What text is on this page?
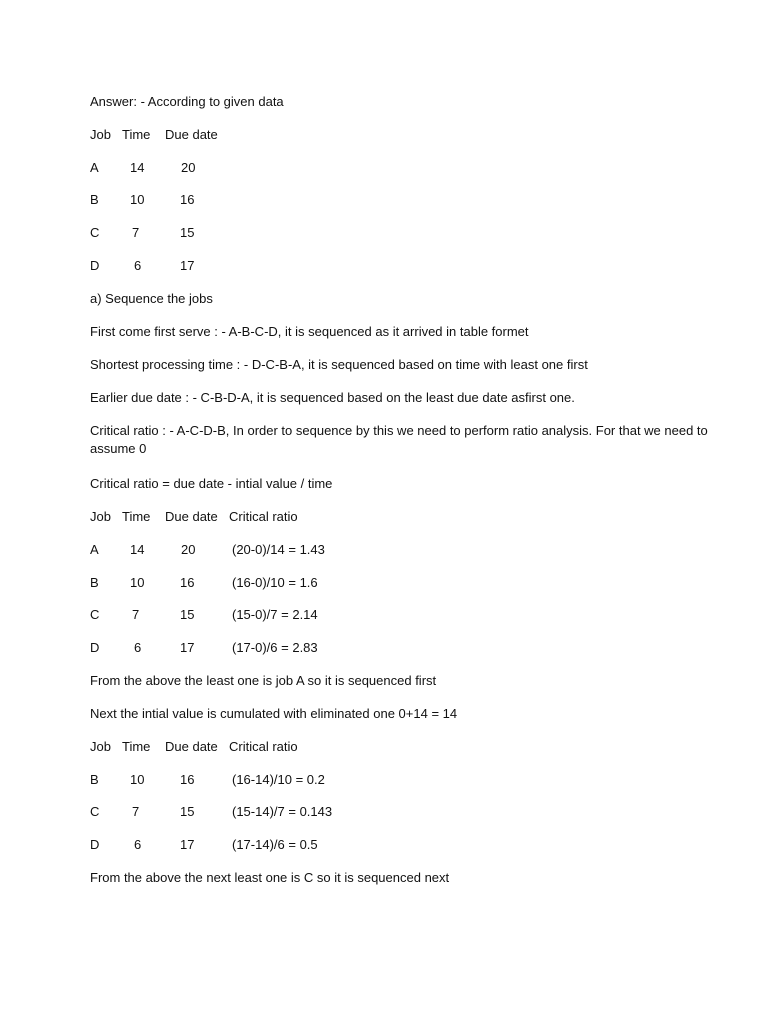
Answer: - According to given data
Job Time Due date
A 14	20
B 10	16
C	7	15
D	6	17
a) Sequence the jobs
First come first serve : - A-B-C-D, it is sequenced as it arrived in table formet
Shortest processing time : - D-C-B-A, it is sequenced based on time with least one first
Earlier due date : - C-B-D-A, it is sequenced based on the least due date asfirst one.
Critical ratio : - A-C-D-B, In order to sequence by this we need to perform ratio analysis. For that we need to assume 0
Critical ratio = due date - intial value / time
Job Time Due date Critical ratio
A 14	20	(20-0)/14 = 1.43
B 10	16	(16-0)/10 = 1.6
C	7	15	(15-0)/7 = 2.14
D	6	17	(17-0)/6 = 2.83
From the above the least one is job A so it is sequenced first
Next the intial value is cumulated with eliminated one 0+14 = 14
Job Time Due date Critical ratio
B 10	16	(16-14)/10 = 0.2
C	7	15	(15-14)/7 = 0.143
D	6	17	(17-14)/6 = 0.5
From the above the next least one is C so it is sequenced next
